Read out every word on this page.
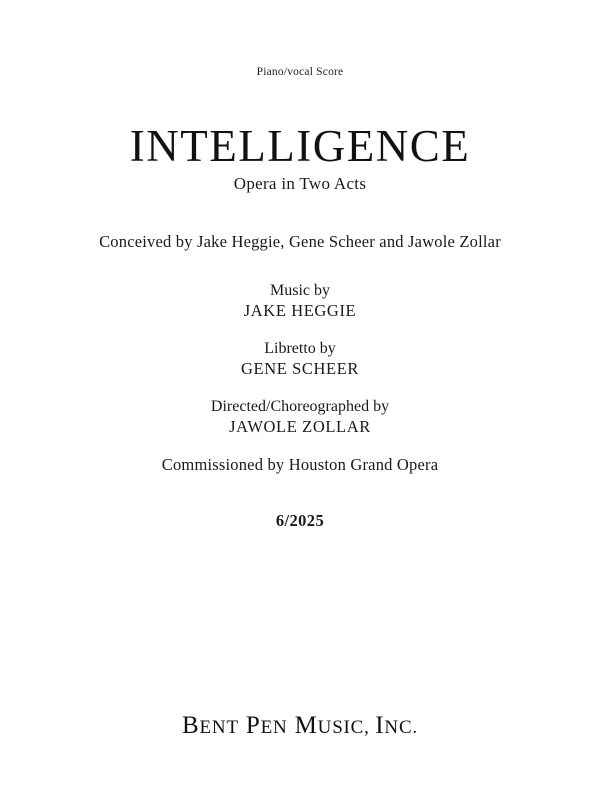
Piano/vocal Score
INTELLIGENCE
Opera in Two Acts
Conceived by Jake Heggie, Gene Scheer and Jawole Zollar
Music by
JAKE HEGGIE
Libretto by
GENE SCHEER
Directed/Choreographed by
JAWOLE ZOLLAR
Commissioned by Houston Grand Opera
6/2025
BENT PEN MUSIC, INC.
